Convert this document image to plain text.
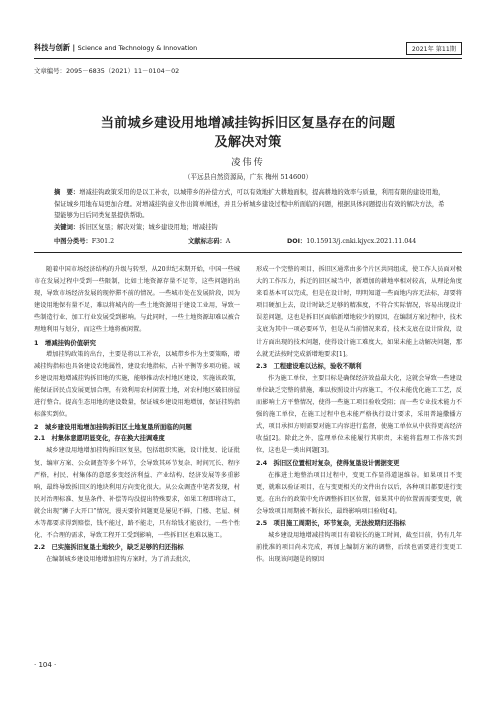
科技与创新 | Science and Technology & Innovation	2021年 第11期
文章编号：2095－6835（2021）11－0104－02
当前城乡建设用地增减挂钩拆旧区复垦存在的问题
及解决对策
凌伟传
（平远县自然资源局，广东 梅州 514600）
摘　要：增减挂钩政策采用的是以工补农，以城带乡的补偿方式，可以有效地扩大耕地面积，提高耕地的效率与质量，利用有限的建设用地，保证城乡用地布局更加合理。对增减挂钩意义作出简单阐述，并且分析城乡建设过程中所面临的问题，根据具体问题提出有效的解决方法，希望能够为日后同类复垦提供帮助。
关键词：拆旧区复垦；解决对策；城乡建设用地；增减挂钩
中图分类号：F301.2	文献标志码：A	DOI：10.15913/j.cnki.kjycx.2021.11.044

随着中国市场经济结构的升级与转型，从20世纪末期开始，中国一些城市在发展过程中受到一些限制，比如土地资源存量不足等，这些问题的出现，导致市场经济发展的现停滞不前的情况。一些城市处在发展阶段，因为建设用地保有量不足，难以将城内的一些土地资源用于建设工业用，导致一些制造行业、加工行业发展受到影响。与此同时，一些土地资源却难以被合理地利用与划分，而这些土地将被闲置。

1　增减挂钩价值研究

增加挂钩政策的出台，主要是将以工补农，以城带乡作为主要策略，增减挂钩指标也具备建设农地属性，建设农地指标，占补平衡等多项功能。城乡建设用地增减挂钩拆旧地的实施，能够推动农村地区建设，实施该政策，能保证居民点发展更加合理，有效利用农村闲置土地，对农村地区破旧房屋进行整合。提高生态用地的建设数量，保证城乡建设用地增加，保证挂钩指标落实到位。

2　城乡建设用地增加挂钩拆旧区土地复垦所面临的问题

2.1　村集体意愿明显变化，存在换大挂调难度

城乡建设用地增加挂钩拆旧区复垦，包括组织实施，设计批复、论证批复、编审方案、公众调查等多个环节，会导致其环节复杂、时间冗长、程序严格，村民、村集体的意愿多变经济利益、产业结构、经济发展等多重影响，最终导致拆旧区的地块利用方向变化很大。从公众调查中笔者发现，村民对治理标准、复垦条件、补偿等均没提出特殊要求，如果工程即将动工，就会出现“狮子大开口”情况，漫天要价问题更是屡见不鲜，门楼、老屋、树木等都要求得到赔偿，钱不能过，路不能走，只有给钱才能放行，一些个性化、不合理的需求，导致工程开工受到影响，一些拆旧区也难以施工。

2.2　已实施拆旧复垦土地较少，缺乏足够的归还指标

在编制城乡建设用地增加挂钩方案时，为了消去批次，

形成一个完整的项目，拆旧区通常由多个片区共同组成，使工作人员面对极大的工作压力，拆迁的旧区城当中，新增加的耕地率相对较高，从理论角度来看基本可以完成，但是在设计时，明明知道一些面地内容无法标，却要将项目硬加上去，设计时缺乏足够的精准度，不符合实际情况，容易出现设计误差问题，这也是拆旧区面临新增地较少的原因，在编制方案过程中，技术支底为其中一项必要环节，但是从当前情况来看，技术支底在设计阶段，设计方面出现的技术问题，使得设计施工难度大，如果未能上动解决问题，那么就无法按时完成新增地要求[1]。

2.3　工程建设难以达标，验收不顺利

作为施工单位，主要目标是确保经济效益最大化，这就会导致一些建设单位缺乏完整的措施，难以按照设计内容施工，不仅未能优化施工工艺，反而影响土方平整情况，使得一些施工项目验收受阻；而一些专业技术能力不强的施工单位，在施工过程中也未能严格执行设计要求，采用普遍撒播方式，项目承担方则需要对施工内容进行监督，使施工单位从中获得更高经济收益[2]。除此之外，监理单位未能履行其职责，未能将监理工作落实到位，这也是一类出问题[3]。

2.4　拆旧区位置相对复杂，使得复垦设计需据变更

在推进土地整治项目过程中，变更工作显得道退维谷。如果项目不变更，就难以验证项目，在与变更相关的文件出台以后，各种项目都要进行变更。在出台的政策中允许调整拆旧区位置，如果其中的位置需需要变更，就会导致项目周期被不断拉长，最终影响项目验收[4]。

2.5　项目施工周期长，环节复杂，无法按期归还指标

城乡建设用地增减挂钩项目有着较长的施工时间，截至目前，仍有几年前批准的项目尚未完成，再加上编制方案的调整，后续也需要进行变更工作。出现该问题是的原因

· 104 ·
